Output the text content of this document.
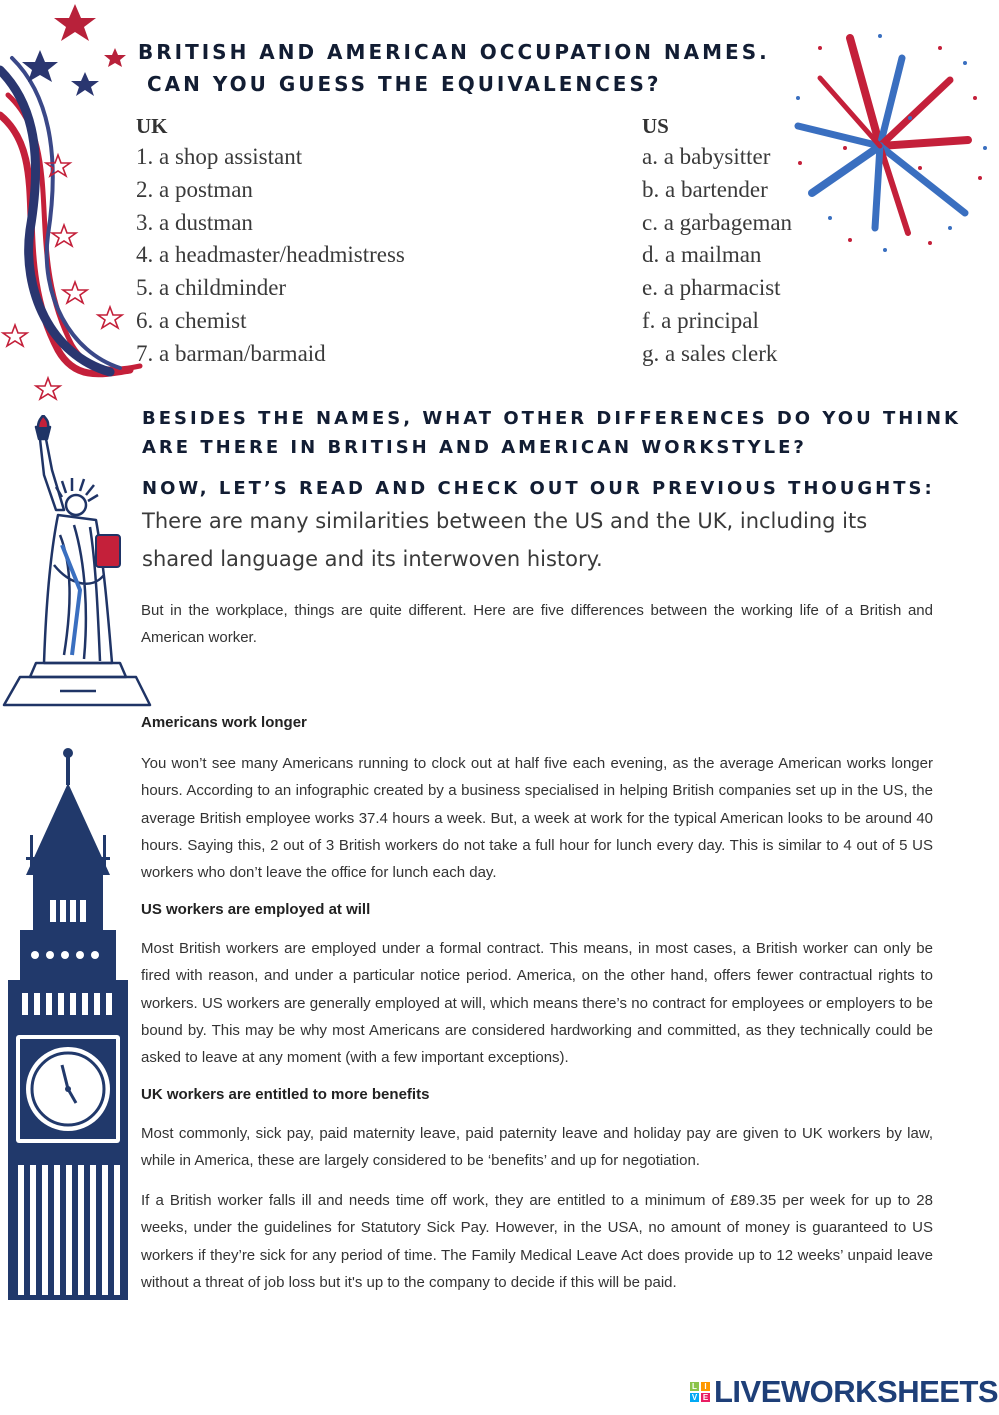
BRITISH AND AMERICAN OCCUPATION NAMES.
CAN YOU GUESS THE EQUIVALENCES?
UK
1. a shop assistant
2. a postman
3. a dustman
4. a headmaster/headmistress
5. a childminder
6. a chemist
7. a barman/barmaid
US
a. a babysitter
b. a bartender
c. a garbageman
d. a mailman
e. a pharmacist
f. a principal
g. a sales clerk
BESIDES THE NAMES, WHAT OTHER DIFFERENCES DO YOU THINK
ARE THERE IN BRITISH AND AMERICAN WORKSTYLE?
NOW, LET’S READ AND CHECK OUT OUR PREVIOUS THOUGHTS:
There are many similarities between the US and the UK, including its shared language and its interwoven history.

But in the workplace, things are quite different. Here are five differences between the working life of a British and American worker.

Americans work longer

You won’t see many Americans running to clock out at half five each evening, as the average American works longer hours. According to an infographic created by a business specialised in helping British companies set up in the US, the average British employee works 37.4 hours a week. But, a week at work for the typical American looks to be around 40 hours. Saying this, 2 out of 3 British workers do not take a full hour for lunch every day. This is similar to 4 out of 5 US workers who don’t leave the office for lunch each day.

US workers are employed at will

Most British workers are employed under a formal contract. This means, in most cases, a British worker can only be fired with reason, and under a particular notice period. America, on the other hand, offers fewer contractual rights to workers. US workers are generally employed at will, which means there’s no contract for employees or employers to be bound by. This may be why most Americans are considered hardworking and committed, as they technically could be asked to leave at any moment (with a few important exceptions).

UK workers are entitled to more benefits

Most commonly, sick pay, paid maternity leave, paid paternity leave and holiday pay are given to UK workers by law, while in America, these are largely considered to be ‘benefits’ and up for negotiation.

If a British worker falls ill and needs time off work, they are entitled to a minimum of £89.35 per week for up to 28 weeks, under the guidelines for Statutory Sick Pay. However, in the USA, no amount of money is guaranteed to US workers if they’re sick for any period of time. The Family Medical Leave Act does provide up to 12 weeks’ unpaid leave without a threat of job loss but it's up to the company to decide if this will be paid.

L I
V E LIVEWORKSHEETS
